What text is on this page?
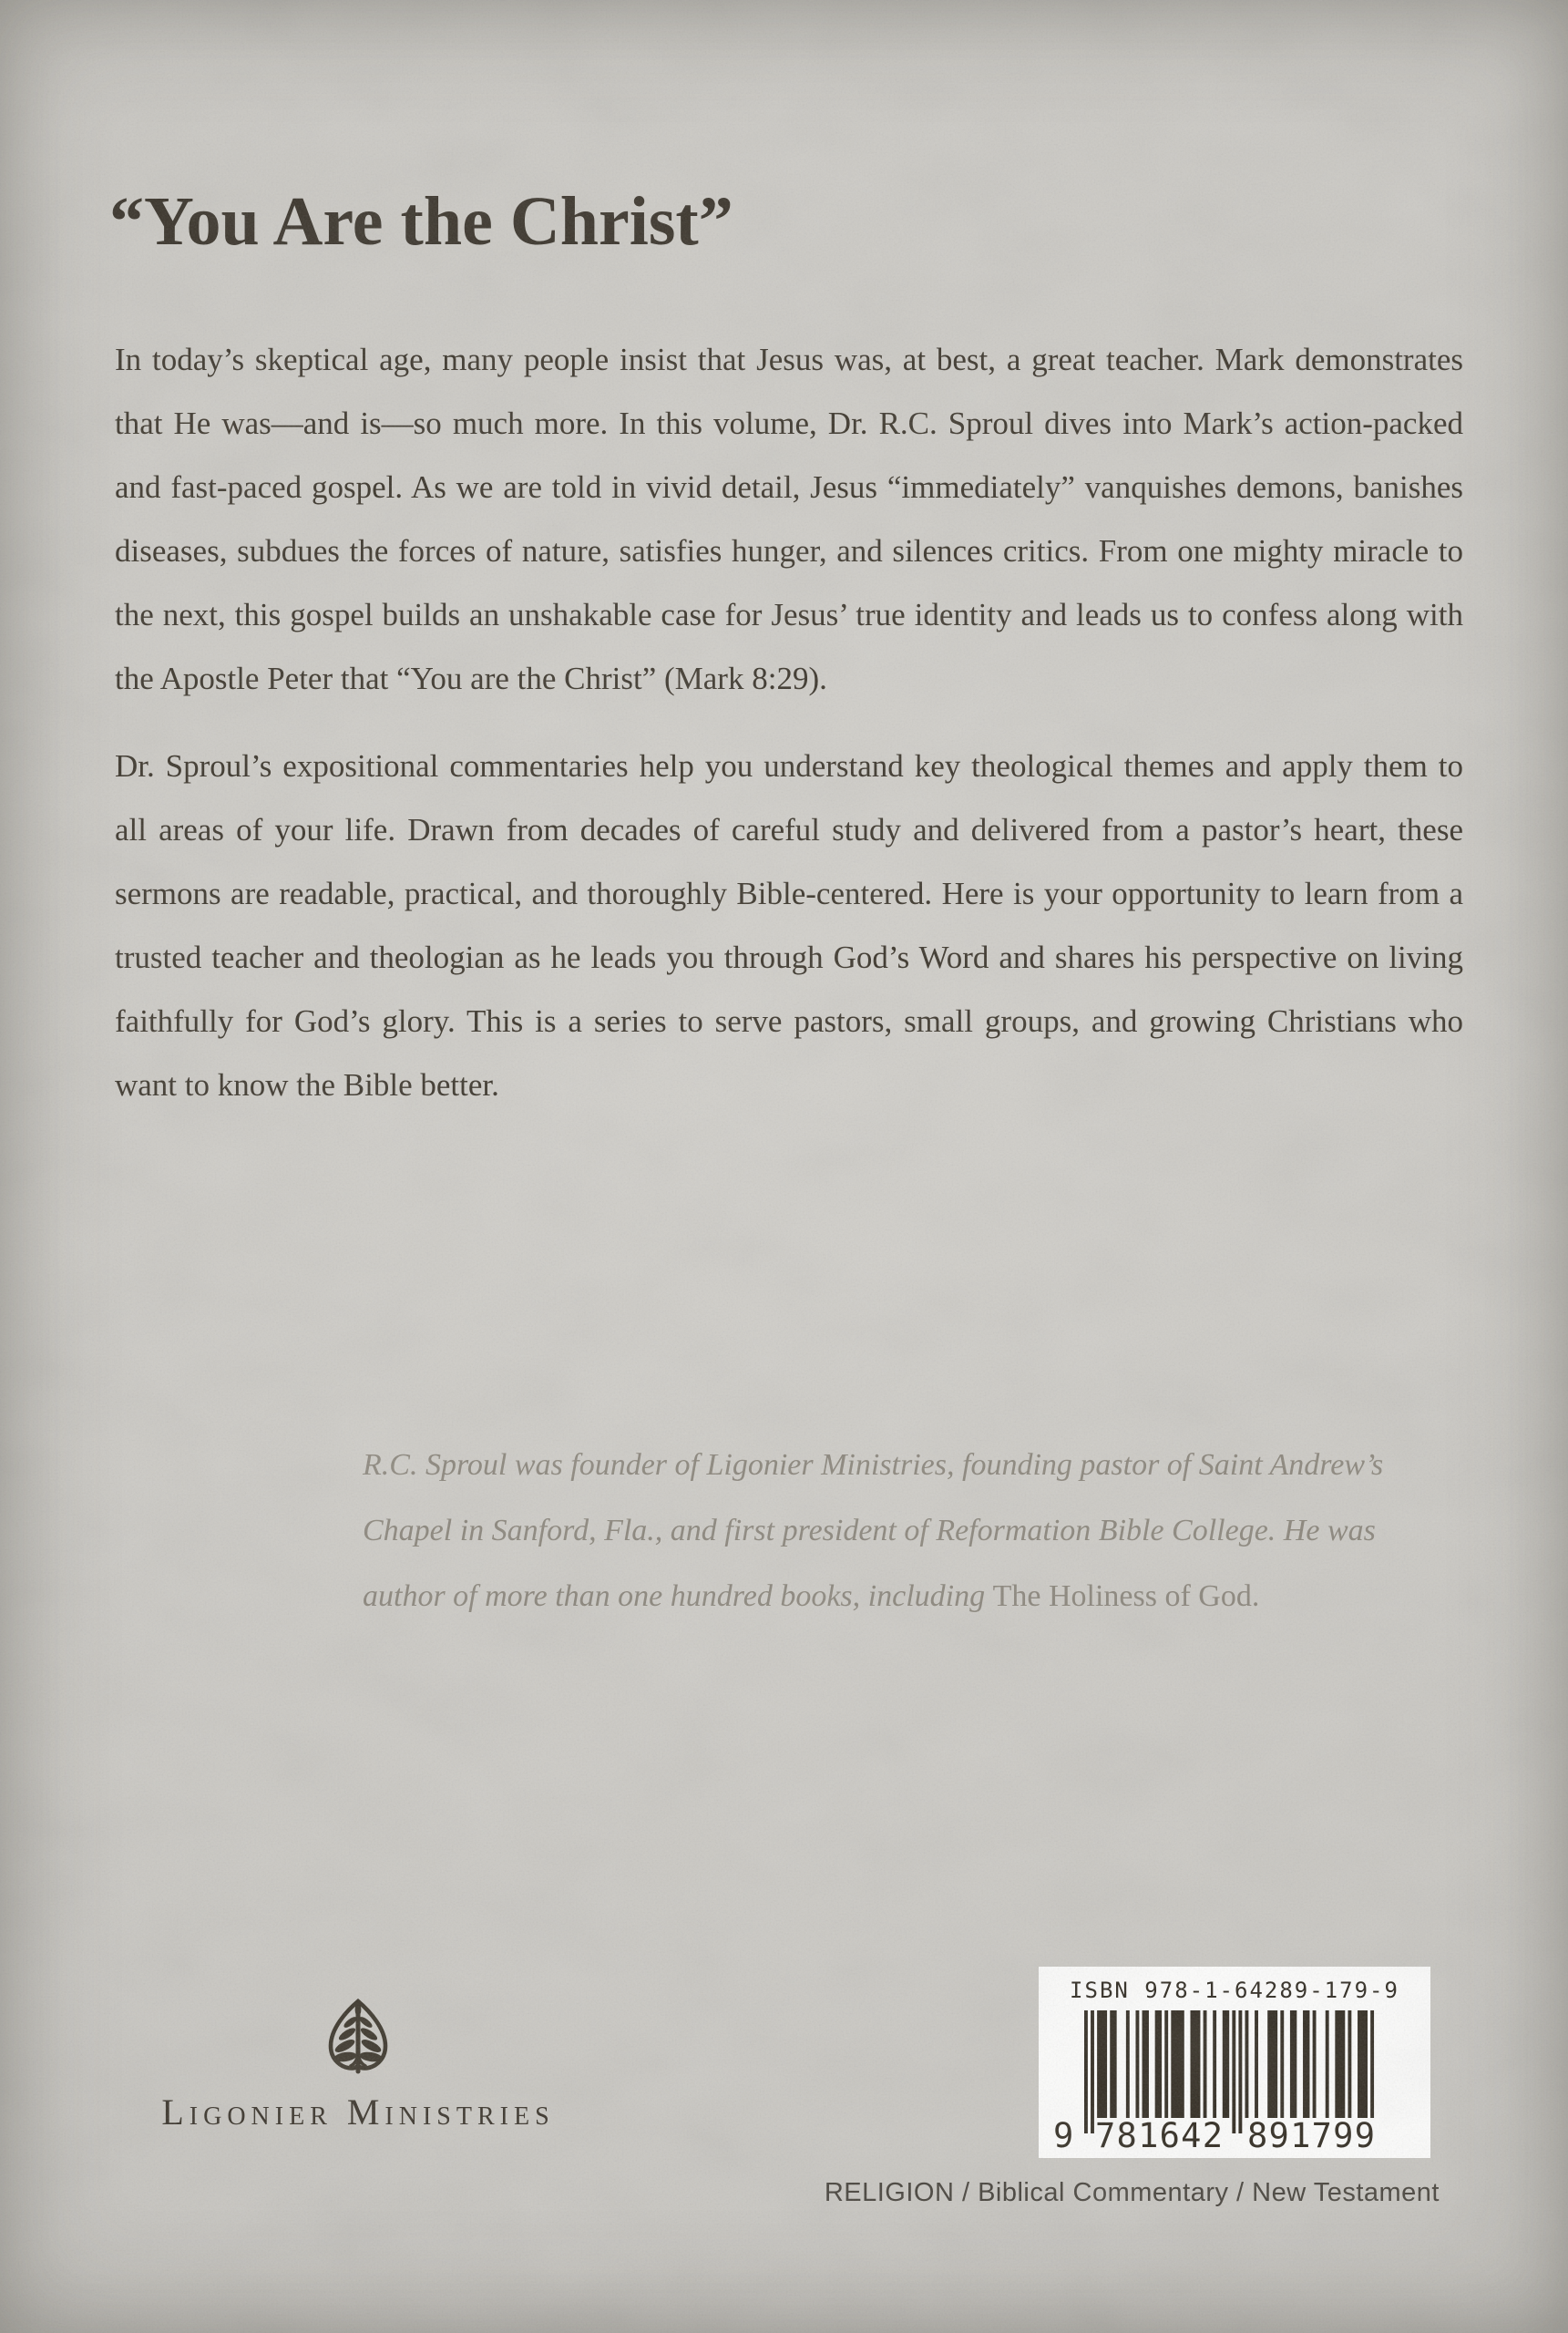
“You Are the Christ”

In today’s skeptical age, many people insist that Jesus was, at best, a great teacher. Mark demonstrates that He was—and is—so much more. In this volume, Dr. R.C. Sproul dives into Mark’s action-packed and fast-paced gospel. As we are told in vivid detail, Jesus “immediately” vanquishes demons, banishes diseases, subdues the forces of nature, satisfies hunger, and silences critics. From one mighty miracle to the next, this gospel builds an unshakable case for Jesus’ true identity and leads us to confess along with the Apostle Peter that “You are the Christ” (Mark 8:29).

Dr. Sproul’s expositional commentaries help you understand key theological themes and apply them to all areas of your life. Drawn from decades of careful study and delivered from a pastor’s heart, these sermons are readable, practical, and thoroughly Bible-centered. Here is your opportunity to learn from a trusted teacher and theologian as he leads you through God’s Word and shares his perspective on living faithfully for God’s glory. This is a series to serve pastors, small groups, and growing Christians who want to know the Bible better.

R.C. Sproul was founder of Ligonier Ministries, founding pastor of Saint Andrew’s Chapel in Sanford, Fla., and first president of Reformation Bible College. He was author of more than one hundred books, including The Holiness of God.
Ligonier Ministries
9 781642 891799
ISBN 978-1-64289-179-9
RELIGION / Biblical Commentary / New Testament
